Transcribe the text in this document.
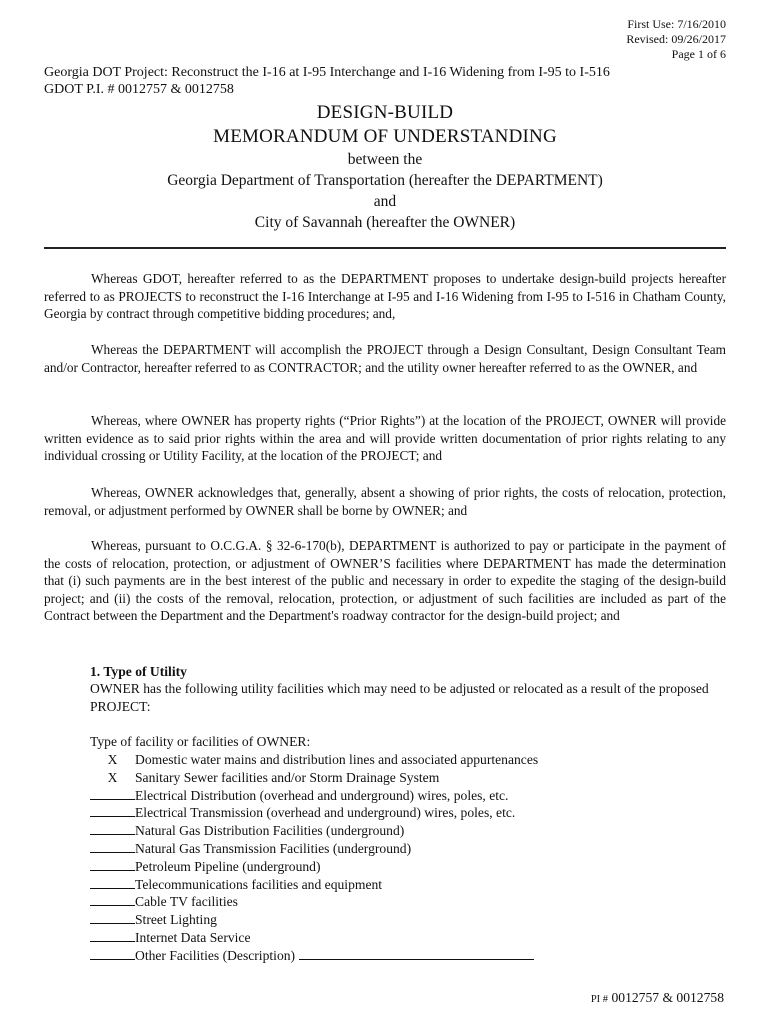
First Use: 7/16/2010
Revised: 09/26/2017
Page 1 of 6
Georgia DOT Project: Reconstruct the I-16 at I-95 Interchange and I-16 Widening from I-95 to I-516
GDOT P.I. # 0012757 & 0012758
DESIGN-BUILD
MEMORANDUM OF UNDERSTANDING
between the
Georgia Department of Transportation (hereafter the DEPARTMENT)
and
City of Savannah (hereafter the OWNER)
Whereas GDOT, hereafter referred to as the DEPARTMENT proposes to undertake design-build projects hereafter referred to as PROJECTS to reconstruct the I-16 Interchange at I-95 and I-16 Widening from I-95 to I-516 in Chatham County, Georgia by contract through competitive bidding procedures; and,
Whereas the DEPARTMENT will accomplish the PROJECT through a Design Consultant, Design Consultant Team and/or Contractor, hereafter referred to as CONTRACTOR; and the utility owner hereafter referred to as the OWNER, and
Whereas, where OWNER has property rights (“Prior Rights”) at the location of the PROJECT, OWNER will provide written evidence as to said prior rights within the area and will provide written documentation of prior rights relating to any individual crossing or Utility Facility, at the location of the PROJECT; and
Whereas, OWNER acknowledges that, generally, absent a showing of prior rights, the costs of relocation, protection, removal, or adjustment performed by OWNER shall be borne by OWNER; and
Whereas, pursuant to O.C.G.A. § 32-6-170(b), DEPARTMENT is authorized to pay or participate in the payment of the costs of relocation, protection, or adjustment of OWNER’S facilities where DEPARTMENT has made the determination that (i) such payments are in the best interest of the public and necessary in order to expedite the staging of the design-build project; and (ii) the costs of the removal, relocation, protection, or adjustment of such facilities are included as part of the Contract between the Department and the Department's roadway contractor for the design-build project; and
1. Type of Utility
OWNER has the following utility facilities which may need to be adjusted or relocated as a result of the proposed PROJECT:
Type of facility or facilities of OWNER:
X	Domestic water mains and distribution lines and associated appurtenances
X	Sanitary Sewer facilities and/or Storm Drainage System
Electrical Distribution (overhead and underground) wires, poles, etc.
Electrical Transmission (overhead and underground) wires, poles, etc.
Natural Gas Distribution Facilities (underground)
Natural Gas Transmission Facilities (underground)
Petroleum Pipeline (underground)
Telecommunications facilities and equipment
Cable TV facilities
Street Lighting
Internet Data Service
Other Facilities (Description)
PI # 0012757 & 0012758
